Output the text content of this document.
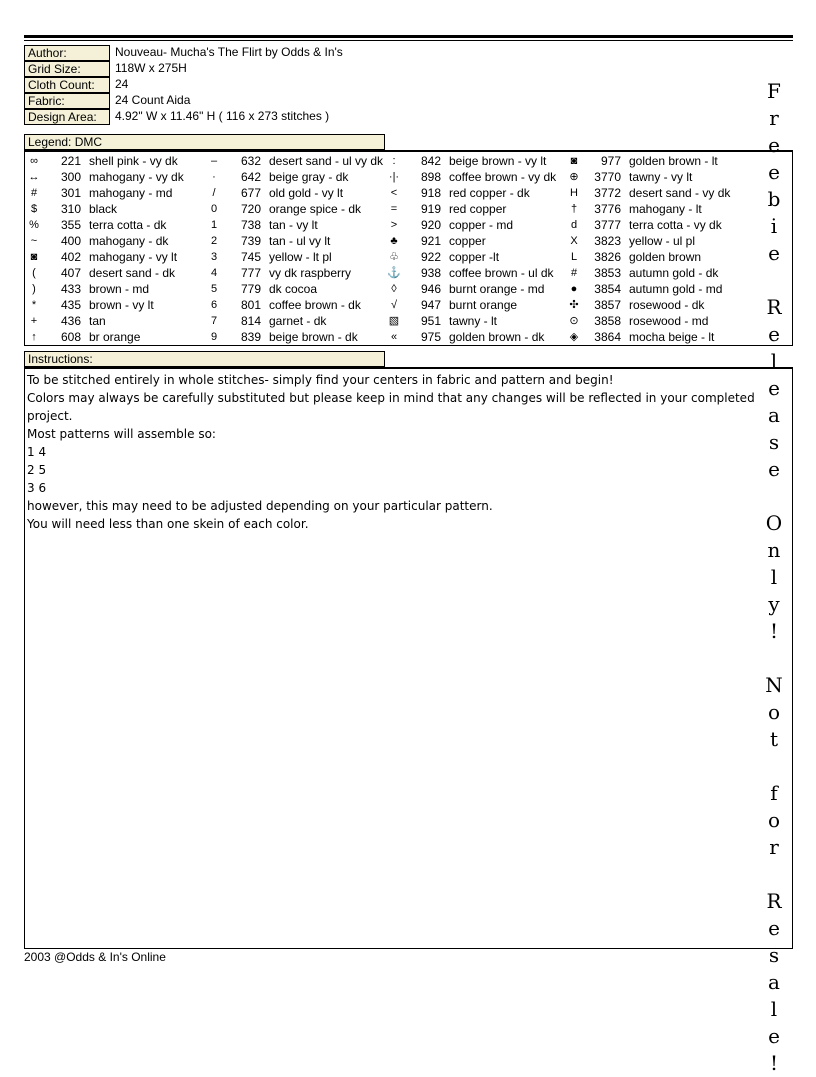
Author:	Nouveau- Mucha's The Flirt by Odds & In's
Grid Size:	118W x 275H
Cloth Count:	24
Fabric:	24 Count Aida
Design Area:	4.92" W x 11.46" H ( 116 x 273 stitches )
Legend: DMC
∞	221 shell pink - vy dk
↔	300 mahogany - vy dk
#	301 mahogany - md
$	310 black
%	355 terra cotta - dk
~	400 mahogany - dk
◙	402 mahogany - vy lt
(	407 desert sand - dk
)	433 brown - md
*	435 brown - vy lt
+	436 tan
↑	608 br orange
–	632 desert sand - ul vy dk
·	642 beige gray - dk
/	677 old gold - vy lt
0	720 orange spice - dk
1	738 tan - vy lt
2	739 tan - ul vy lt
3	745 yellow - lt pl
4	777 vy dk raspberry
5	779 dk cocoa
6	801 coffee brown - dk
7	814 garnet - dk
9	839 beige brown - dk
:	842 beige brown - vy lt
·|·	898 coffee brown - vy dk
<	918 red copper - dk
=	919 red copper
>	920 copper - md
♣	921 copper
♧	922 copper -lt
⚓	938 coffee brown - ul dk
◊	946 burnt orange - md
√	947 burnt orange
▧	951 tawny - lt
«	975 golden brown - dk
◙	977 golden brown - lt
⊕	3770 tawny - vy lt
H	3772 desert sand - vy dk
†	3776 mahogany - lt
d	3777 terra cotta - vy dk
X	3823 yellow - ul pl
L	3826 golden brown
#	3853 autumn gold - dk
●	3854 autumn gold - md
✣	3857 rosewood - dk
⊙	3858 rosewood - md
◈	3864 mocha beige - lt
Instructions:
To be stitched entirely in whole stitches- simply find your centers in fabric and pattern and begin!
Colors may always be carefully substituted but please keep in mind that any changes will be reflected in your completed
project.
Most patterns will assemble so:
1 4
2 5
3 6
however, this may need to be adjusted depending on your particular pattern.
You will need less than one skein of each color.
2003 @Odds & In's Online
F
r
e
e
b
i
e

R
e
l
e
a
s
e

O
n
l
y
!

N
o
t

f
o
r

R
e
s
a
l
e
!
